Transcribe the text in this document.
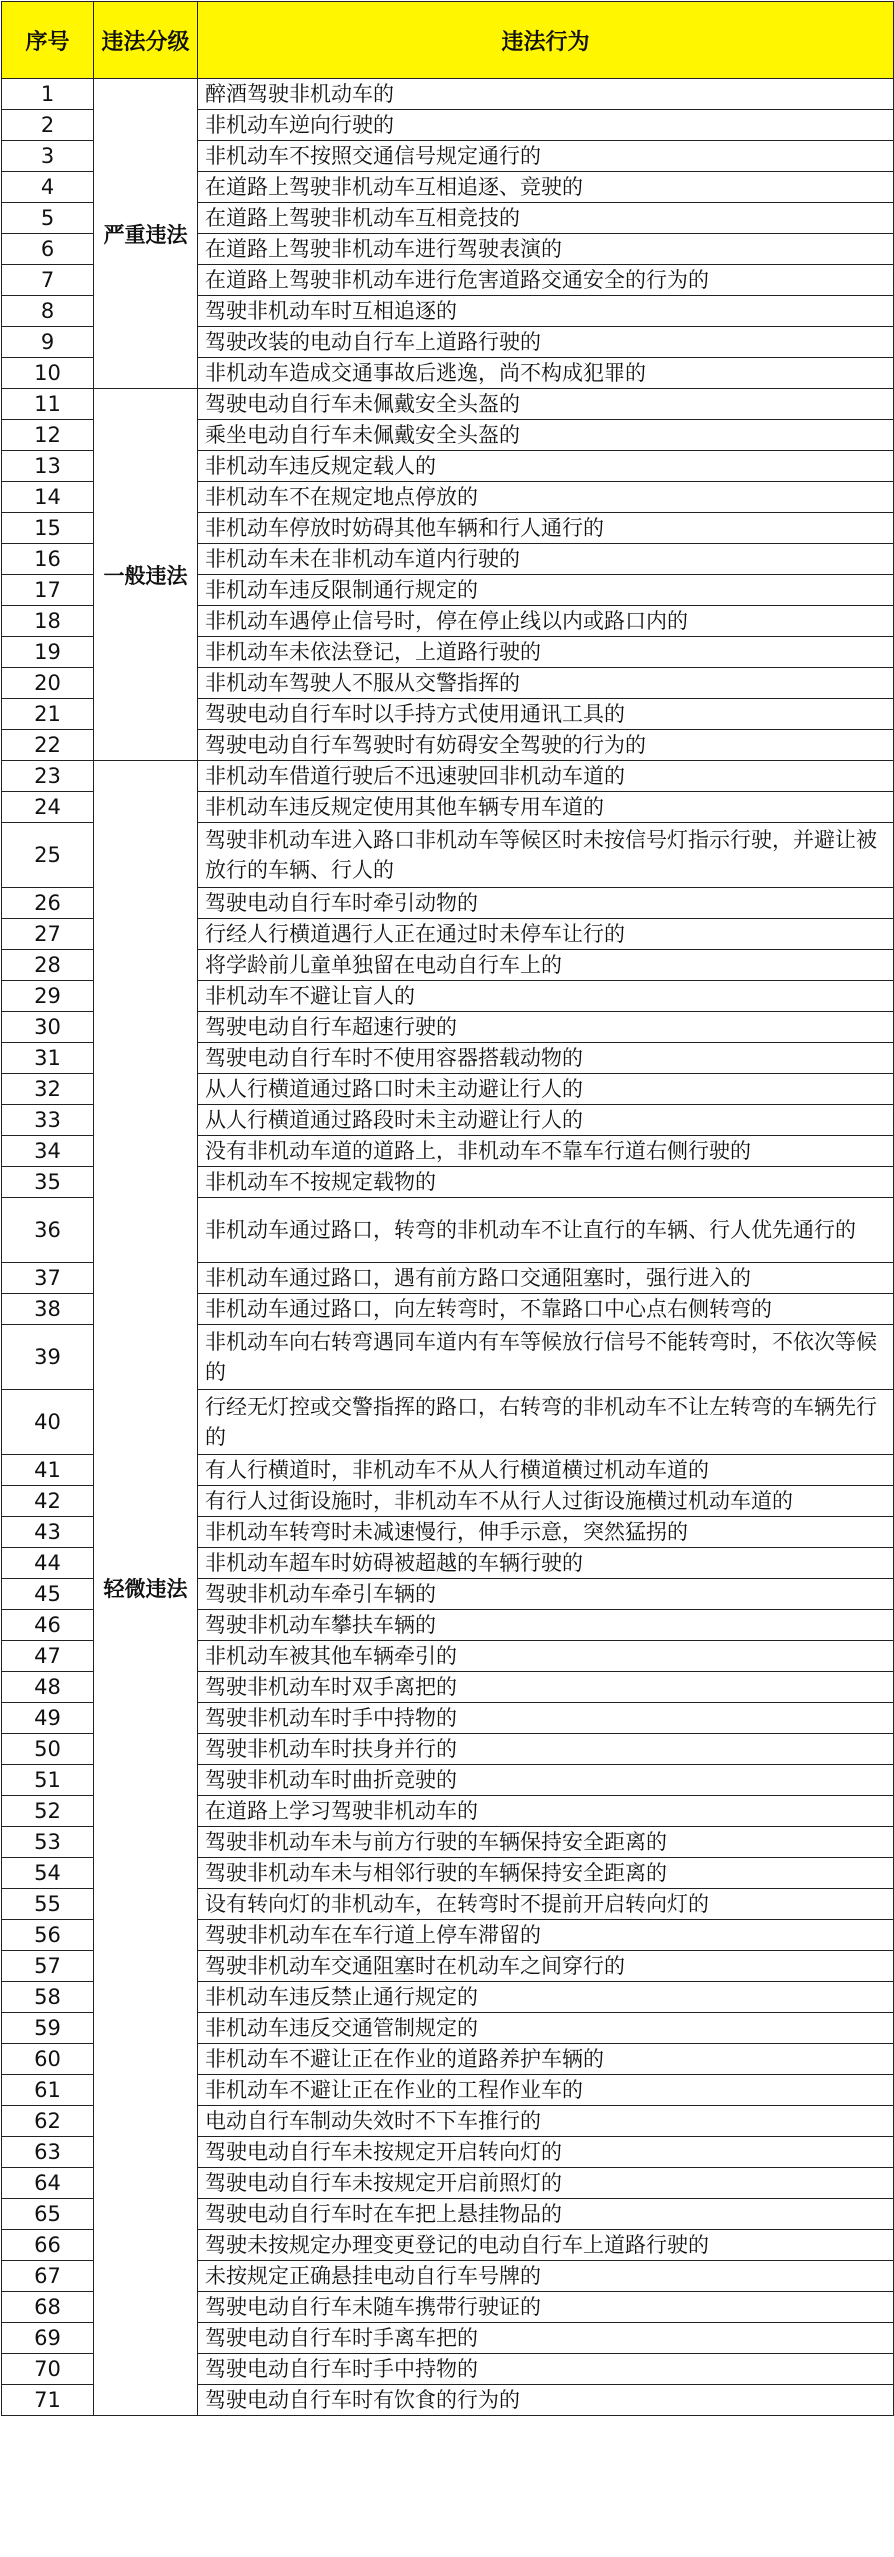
序号	违法分级	违法行为
1	严重违法	醉酒驾驶非机动车的
2		非机动车逆向行驶的
3		非机动车不按照交通信号规定通行的
4		在道路上驾驶非机动车互相追逐、竞驶的
5		在道路上驾驶非机动车互相竞技的
6		在道路上驾驶非机动车进行驾驶表演的
7		在道路上驾驶非机动车进行危害道路交通安全的行为的
8		驾驶非机动车时互相追逐的
9		驾驶改装的电动自行车上道路行驶的
10		非机动车造成交通事故后逃逸，尚不构成犯罪的
11	一般违法	驾驶电动自行车未佩戴安全头盔的
12		乘坐电动自行车未佩戴安全头盔的
13		非机动车违反规定载人的
14		非机动车不在规定地点停放的
15		非机动车停放时妨碍其他车辆和行人通行的
16		非机动车未在非机动车道内行驶的
17		非机动车违反限制通行规定的
18		非机动车遇停止信号时，停在停止线以内或路口内的
19		非机动车未依法登记，上道路行驶的
20		非机动车驾驶人不服从交警指挥的
21		驾驶电动自行车时以手持方式使用通讯工具的
22		驾驶电动自行车驾驶时有妨碍安全驾驶的行为的
23	轻微违法	非机动车借道行驶后不迅速驶回非机动车道的
24		非机动车违反规定使用其他车辆专用车道的
25		驾驶非机动车进入路口非机动车等候区时未按信号灯指示行驶，并避让被放行的车辆、行人的
26		驾驶电动自行车时牵引动物的
27		行经人行横道遇行人正在通过时未停车让行的
28		将学龄前儿童单独留在电动自行车上的
29		非机动车不避让盲人的
30		驾驶电动自行车超速行驶的
31		驾驶电动自行车时不使用容器搭载动物的
32		从人行横道通过路口时未主动避让行人的
33		从人行横道通过路段时未主动避让行人的
34		没有非机动车道的道路上，非机动车不靠车行道右侧行驶的
35		非机动车不按规定载物的
36		非机动车通过路口，转弯的非机动车不让直行的车辆、行人优先通行的
37		非机动车通过路口，遇有前方路口交通阻塞时，强行进入的
38		非机动车通过路口，向左转弯时，不靠路口中心点右侧转弯的
39		非机动车向右转弯遇同车道内有车等候放行信号不能转弯时，不依次等候的
40		行经无灯控或交警指挥的路口，右转弯的非机动车不让左转弯的车辆先行的
41		有人行横道时，非机动车不从人行横道横过机动车道的
42		有行人过街设施时，非机动车不从行人过街设施横过机动车道的
43		非机动车转弯时未减速慢行，伸手示意，突然猛拐的
44		非机动车超车时妨碍被超越的车辆行驶的
45		驾驶非机动车牵引车辆的
46		驾驶非机动车攀扶车辆的
47		非机动车被其他车辆牵引的
48		驾驶非机动车时双手离把的
49		驾驶非机动车时手中持物的
50		驾驶非机动车时扶身并行的
51		驾驶非机动车时曲折竞驶的
52		在道路上学习驾驶非机动车的
53		驾驶非机动车未与前方行驶的车辆保持安全距离的
54		驾驶非机动车未与相邻行驶的车辆保持安全距离的
55		设有转向灯的非机动车，在转弯时不提前开启转向灯的
56		驾驶非机动车在车行道上停车滞留的
57		驾驶非机动车交通阻塞时在机动车之间穿行的
58		非机动车违反禁止通行规定的
59		非机动车违反交通管制规定的
60		非机动车不避让正在作业的道路养护车辆的
61		非机动车不避让正在作业的工程作业车的
62		电动自行车制动失效时不下车推行的
63		驾驶电动自行车未按规定开启转向灯的
64		驾驶电动自行车未按规定开启前照灯的
65		驾驶电动自行车时在车把上悬挂物品的
66		驾驶未按规定办理变更登记的电动自行车上道路行驶的
67		未按规定正确悬挂电动自行车号牌的
68		驾驶电动自行车未随车携带行驶证的
69		驾驶电动自行车时手离车把的
70		驾驶电动自行车时手中持物的
71		驾驶电动自行车时有饮食的行为的
